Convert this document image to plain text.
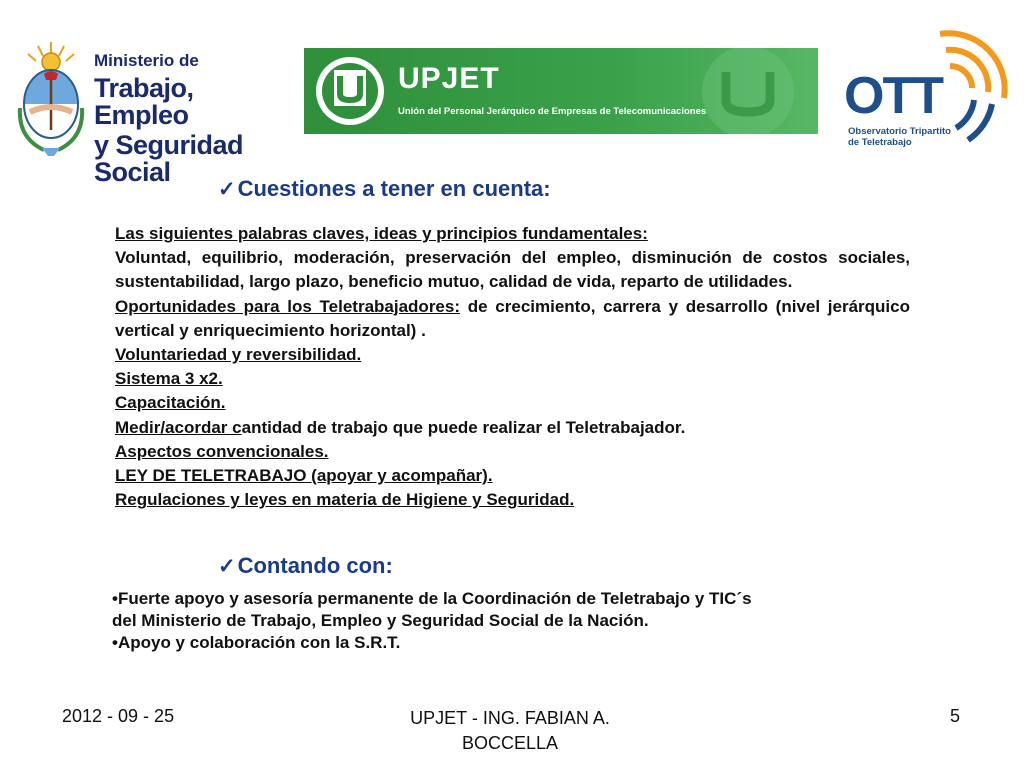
Ministerio de
Trabajo, Empleo
y Seguridad Social
UPJET
Unión del Personal Jerárquico de Empresas de Telecomunicaciones	OTT
Observatorio Tripartito
de Teletrabajo
✓Cuestiones a tener en cuenta:

Las siguientes palabras claves, ideas y principios fundamentales:

Voluntad, equilibrio, moderación, preservación del empleo, disminución de costos sociales, sustentabilidad, largo plazo, beneficio mutuo, calidad de vida, reparto de utilidades.

Oportunidades para los Teletrabajadores: de crecimiento, carrera y desarrollo (nivel jerárquico vertical y enriquecimiento horizontal) .

Voluntariedad y reversibilidad.

Sistema 3 x2.

Capacitación.

Medir/acordar cantidad de trabajo que puede realizar el Teletrabajador.

Aspectos convencionales.

LEY DE TELETRABAJO (apoyar y acompañar).

Regulaciones y leyes en materia de Higiene y Seguridad.

✓Contando con:

•Fuerte apoyo y asesoría permanente de la Coordinación de Teletrabajo y TIC´s

del Ministerio de Trabajo, Empleo y Seguridad Social de la Nación.

•Apoyo y colaboración con la S.R.T.

2012 - 09 - 25	UPJET - ING. FABIAN A.
BOCCELLA
5
